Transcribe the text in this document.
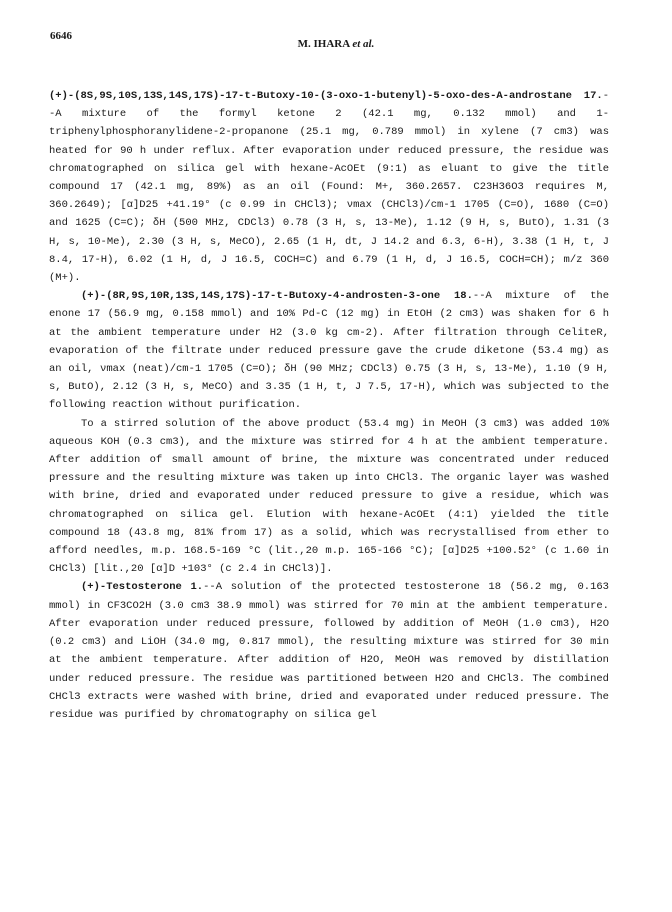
6646
M. IHARA et al.

(+)-(8S,9S,10S,13S,14S,17S)-17-t-Butoxy-10-(3-oxo-1-butenyl)-5-oxo-des-A-androstane 17.--A mixture of the formyl ketone 2 (42.1 mg, 0.132 mmol) and 1-triphenylphosphoranylidene-2-propanone (25.1 mg, 0.789 mmol) in xylene (7 cm3) was heated for 90 h under reflux. After evaporation under reduced pressure, the residue was chromatographed on silica gel with hexane-AcOEt (9:1) as eluant to give the title compound 17 (42.1 mg, 89%) as an oil (Found: M+, 360.2657. C23H36O3 requires M, 360.2649); [α]D25 +41.19° (c 0.99 in CHCl3); νmax (CHCl3)/cm-1 1705 (C=O), 1680 (C=O) and 1625 (C=C); δH (500 MHz, CDCl3) 0.78 (3 H, s, 13-Me), 1.12 (9 H, s, ButO), 1.31 (3 H, s, 10-Me), 2.30 (3 H, s, MeCO), 2.65 (1 H, dt, J 14.2 and 6.3, 6-H), 3.38 (1 H, t, J 8.4, 17-H), 6.02 (1 H, d, J 16.5, COCH=C) and 6.79 (1 H, d, J 16.5, COCH=CH); m/z 360 (M+).

(+)-(8R,9S,10R,13S,14S,17S)-17-t-Butoxy-4-androsten-3-one 18.--A mixture of the enone 17 (56.9 mg, 0.158 mmol) and 10% Pd-C (12 mg) in EtOH (2 cm3) was shaken for 6 h at the ambient temperature under H2 (3.0 kg cm-2). After filtration through CeliteR, evaporation of the filtrate under reduced pressure gave the crude diketone (53.4 mg) as an oil, νmax (neat)/cm-1 1705 (C=O); δH (90 MHz; CDCl3) 0.75 (3 H, s, 13-Me), 1.10 (9 H, s, ButO), 2.12 (3 H, s, MeCO) and 3.35 (1 H, t, J 7.5, 17-H), which was subjected to the following reaction without purification.

To a stirred solution of the above product (53.4 mg) in MeOH (3 cm3) was added 10% aqueous KOH (0.3 cm3), and the mixture was stirred for 4 h at the ambient temperature. After addition of small amount of brine, the mixture was concentrated under reduced pressure and the resulting mixture was taken up into CHCl3. The organic layer was washed with brine, dried and evaporated under reduced pressure to give a residue, which was chromatographed on silica gel. Elution with hexane-AcOEt (4:1) yielded the title compound 18 (43.8 mg, 81% from 17) as a solid, which was recrystallised from ether to afford needles, m.p. 168.5-169 °C (lit.,20 m.p. 165-166 °C); [α]D25 +100.52° (c 1.60 in CHCl3) [lit.,20 [α]D +103° (c 2.4 in CHCl3)].

(+)-Testosterone 1.--A solution of the protected testosterone 18 (56.2 mg, 0.163 mmol) in CF3CO2H (3.0 cm3 38.9 mmol) was stirred for 70 min at the ambient temperature. After evaporation under reduced pressure, followed by addition of MeOH (1.0 cm3), H2O (0.2 cm3) and LiOH (34.0 mg, 0.817 mmol), the resulting mixture was stirred for 30 min at the ambient temperature. After addition of H2O, MeOH was removed by distillation under reduced pressure. The residue was partitioned between H2O and CHCl3. The combined CHCl3 extracts were washed with brine, dried and evaporated under reduced pressure. The residue was purified by chromatography on silica gel
